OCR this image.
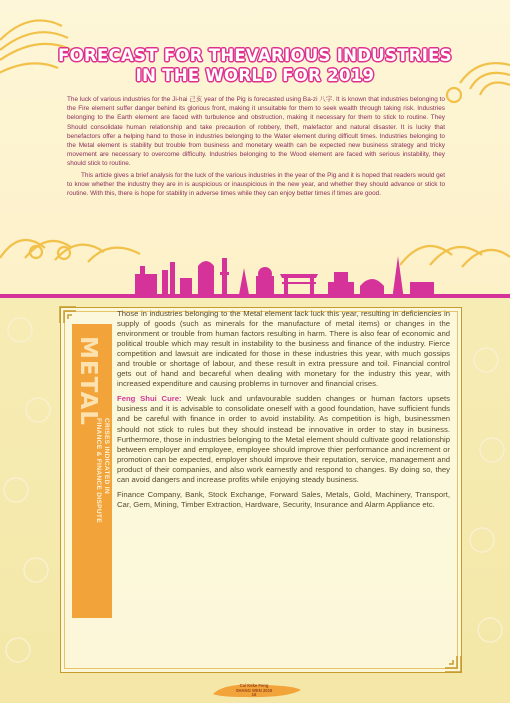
FORECAST FOR THEVARIOUS INDUSTRIES
IN THE WORLD FOR 2019

The luck of various industries for the Ji-hai 己亥 year of the Pig is forecasted using Ba-zi 八字. It is known that industries belonging to the Fire element suffer danger behind its glorious front, making it unsuitable for them to seek wealth through taking risk. Industries belonging to the Earth element are faced with turbulence and obstruction, making it necessary for them to stick to routine. They Should consolidate human relationship and take precaution of robbery, theft, malefactor and natural disaster. It is lucky that benefactors offer a helping hand to those in industries belonging to the Water element during difficult times. Industries belonging to the Metal element is stability but trouble from business and monetary wealth can be expected new business strategy and tricky movement are necessary to overcome difficulty. Industries belonging to the Wood element are faced with serious instability, they should stick to routine.

This article gives a brief analysis for the luck of the various industries in the year of the Pig and it is hoped that readers would get to know whether the industry they are in is auspicious or inauspicious in the new year, and whether they should advance or stick to routine. With this, there is hope for stability in adverse times while they can enjoy better times if times are good.

METAL
CRISES INDICATED IN
FINANCE & FINANCE DISPUTE

Those in industries belonging to the Metal element lack luck this year, resulting in deficiencies in supply of goods (such as minerals for the manufacture of metal items) or changes in the environment or trouble from human factors resulting in harm. There is also fear of economic and political trouble which may result in instability to the business and finance of the industry. Fierce competition and lawsuit are indicated for those in these industries this year, with much gossips and trouble or shortage of labour, and these result in extra pressure and toil. Financial control gets out of hand and becareful when dealing with monetary for the industry this year, with increased expenditure and causing problems in turnover and financial crises.

Feng Shui Cure: Weak luck and unfavourable sudden changes or human factors upsets business and it is advisable to consolidate oneself with a good foundation, have sufficient funds and be careful with finance in order to avoid instability. As competition is high, businessmen should not stick to rules but they should instead be innovative in order to stay in business. Furthermore, those in industries belonging to the Metal element should cultivate good relationship between employer and employee, employee should improve thier performance and increment or promotion can be expected, employer should improve their reputation, service, management and product of their companies, and also work earnestly and respond to changes. By doing so, they can avoid dangers and increase profits while enjoying steady business.

Finance Company, Bank, Stock Exchange, Forward Sales, Metals, Gold, Machinery, Transport, Car, Gem, Mining, Timber Extraction, Hardware, Security, Insurance and Alarm Appliance etc.

Cai Keke Feng
SHANG WEN 2019
16
